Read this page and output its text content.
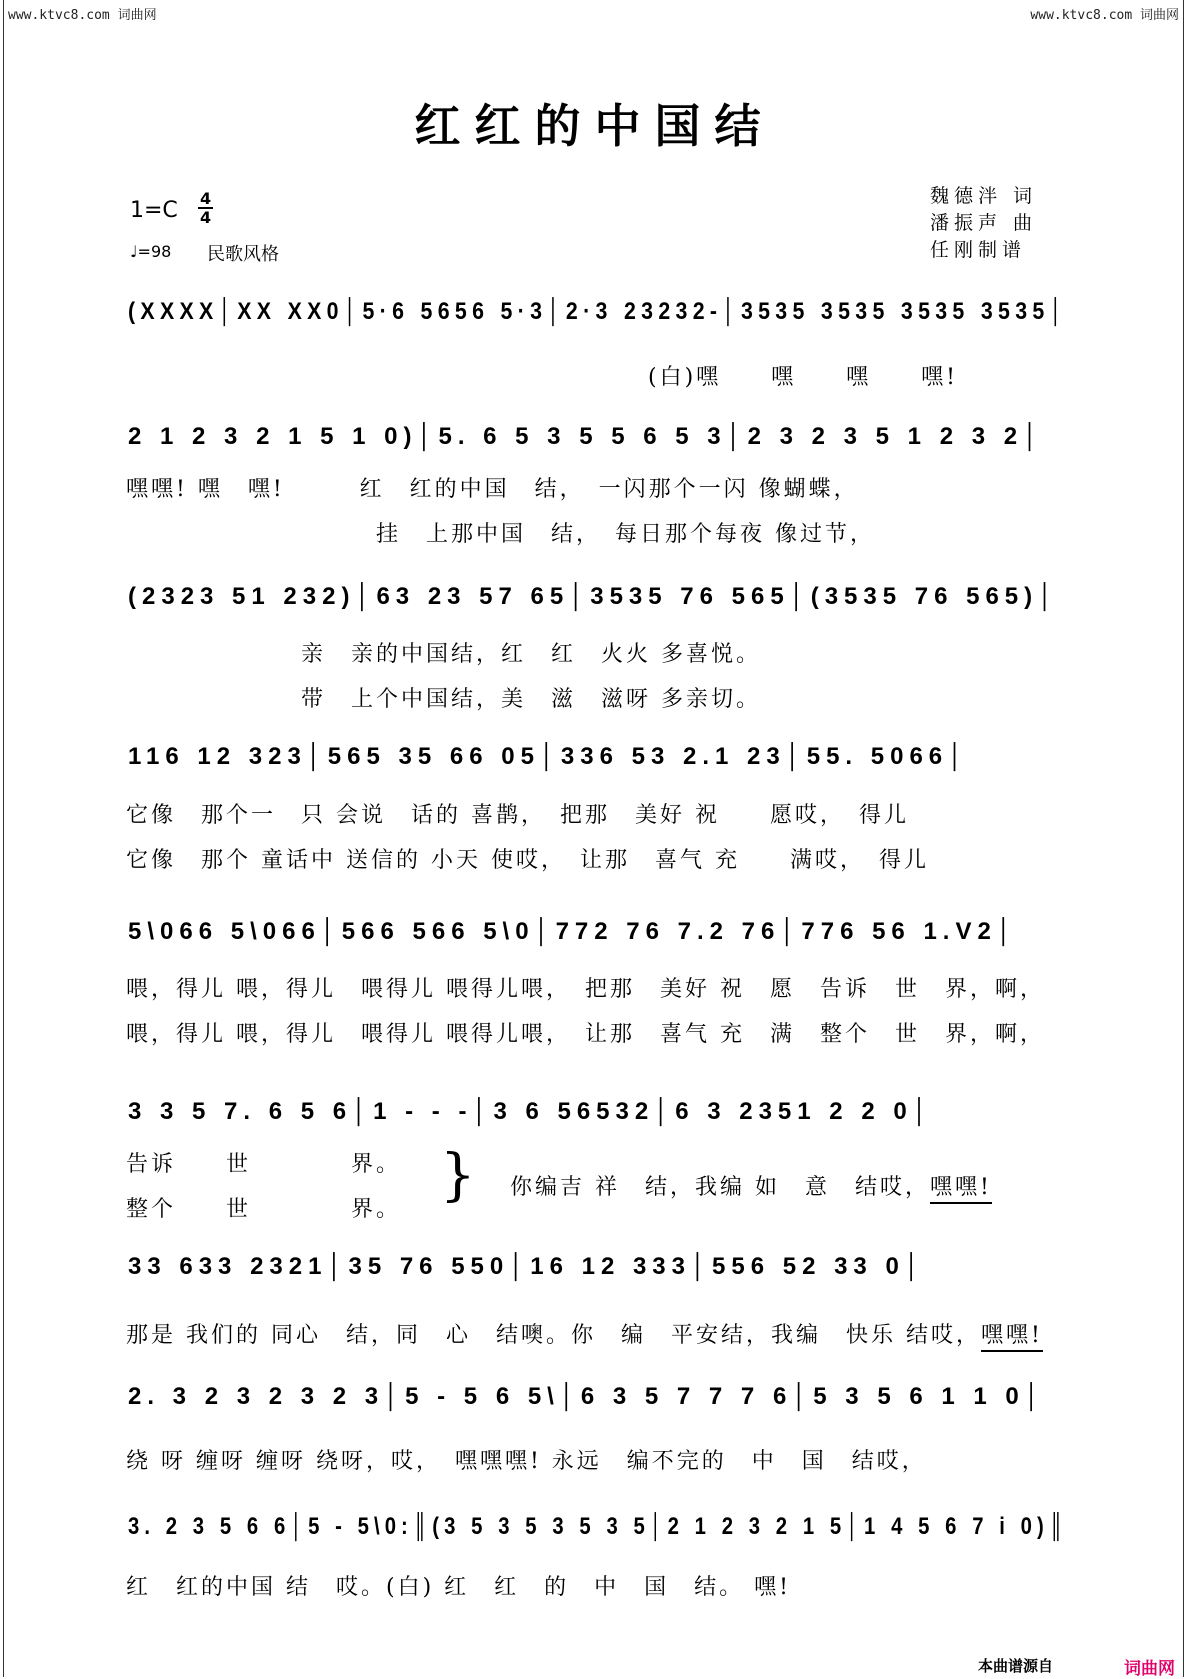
www.ktvc8.com 词曲网	www.ktvc8.com 词曲网
红红的中国结
1=C 4
4
♩=98 民歌风格
魏德泮 词
潘振声 曲
任刚制谱
(XXXX│XX XX0│5·6 5656 5·3│2·3 23232-│3535 3535 3535 3535│
(白)嘿　　嘿　　嘿　　嘿!
2 1 2 3 2 1 5 1 0)│5. 6 5 3 5 5 6 5 3│2 3 2 3 5 1 2 3 2│
嘿嘿! 嘿　嘿!　　　红　红的中国　结，　一闪那个一闪 像蝴蝶，
　　　　　　　　　　挂　上那中国　结，　每日那个每夜 像过节，
(2323 51 232)│63 23 57 65│3535 76 565│(3535 76 565)│
　　　　　　　亲　亲的中国结，红　红　火火 多喜悦。
　　　　　　　带　上个中国结，美　滋　滋呀 多亲切。
116 12 323│565 35 66 05│336 53 2.1 23│55. 5066│
它像　那个一　只 会说　话的 喜鹊，　把那　美好 祝　　愿哎，　得儿
它像　那个 童话中 送信的 小天 使哎，　让那　喜气 充　　满哎，　得儿
5\066 5\066│566 566 5\0│772 76 7.2 76│776 56 1.V2│
喂，得儿 喂，得儿　喂得儿 喂得儿喂，　把那　美好 祝　愿　告诉　世　界，啊，
喂，得儿 喂，得儿　喂得儿 喂得儿喂，　让那　喜气 充　满　整个　世　界，啊，
3 3 5 7. 6 5 6│1 - - -│3 6 56532│6 3 2351 2 2 0│
告诉　　世　　　　界。
整个　　世　　　　界。
} 你编吉 祥　结，我编 如　意　结哎，嘿嘿!
33 633 2321│35 76 550│16 12 333│556 52 33 0│
那是 我们的 同心　结，同　心　结噢。你　编　平安结，我编　快乐 结哎，嘿嘿!
2. 3 2 3 2 3 2 3│5 - 5 6 5\│6 3 5 7 7 7 6│5 3 5 6 1 1 0│
绕 呀 缠呀 缠呀 绕呀，哎，　嘿嘿嘿! 永远　编不完的　中　国　结哎，
3. 2 3 5 6 6│5 - 5\0:║(3 5 3 5 3 5 3 5│2 1 2 3 2 1 5│1 4 5 6 7 i 0)║
红　红的中国 结　哎。(白) 红　红　的　中　国　结。 嘿!
本曲谱源自	词曲网
